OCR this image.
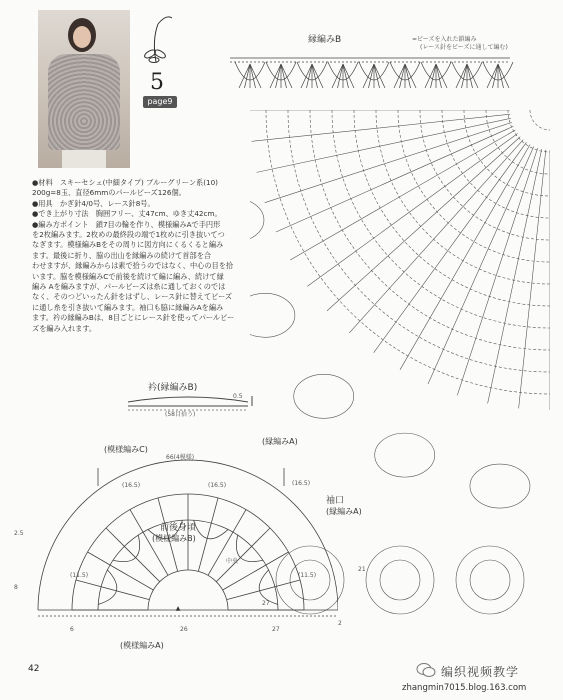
5
page9

●材料　スキーセシェ(中細タイプ) ブルーグリーン系(10)

200g=8玉、直径6mmのパールビーズ126個。

●用具　かぎ針4/0号、レース針8号。

●でき上がり寸法　胸囲フリー、丈47cm、ゆき丈42cm。

●編み方ポイント　鎖7目の輪を作り、模様編みAで手円形

を2枚編みます。2枚めの最終段の端で1枚めに引き抜いてつ

なぎます。模様編みBをその周りに図方向にくるくると編み

ます。最後に折り、脇の出山を縁編みの続けて首部を合

わせますが、縁編みからは素で拾うのではなく、中心の目を拾

います。脇を模様編みCで前後を続けて編に編み、続けて縁

編み Aを編みますが、パールビーズは糸に通しておくのでは

なく、そのつどいったん針をはずし、レース針に替えてビーズ

に通し糸を引き抜いて編みます。袖口も脇に縁編みAを編み

ます。衿の縁編みBは、8目ごとにレース針を使ってパールビー

ズを編み入れます。

縁編みB	=ビーズを入れた鎖編み
(レース針をビーズに通して編む)
衿(縁編みB)
0.5
(58目拾う)
▲
(縁編みA)
(模様編みC)
66(4模様)
(16.5)	(16.5)	(16.5)
前後身頃
(模様編みB)
中央
袖口
(縁編みA)
(11.5)	(11.5)
21
6	26
27
27
2
8
2.5
(模様編みA)
42	编织视频教学
zhangmin7015.blog.163.com
